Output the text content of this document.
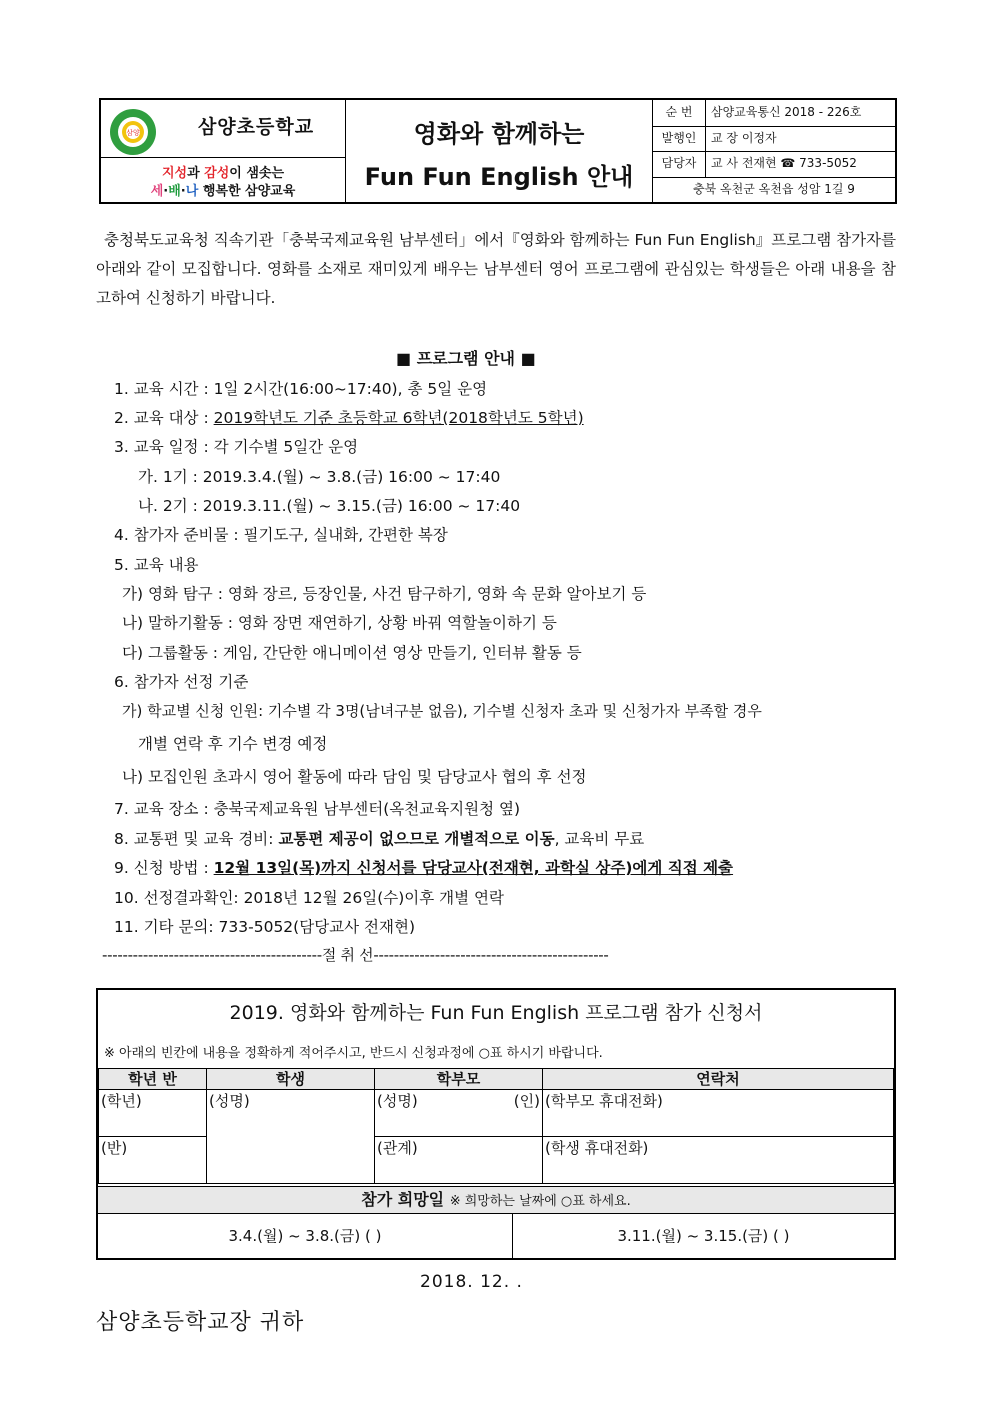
삼양	삼양초등학교
지성과 감성이 샘솟는
세·배·나 행복한 삼양교육
영화와 함께하는
Fun Fun English 안내
순 번	삼양교육통신 2018 - 226호
발행인	교 장 이정자
담당자	교 사 전재현 ☎ 733-5052
충북 옥천군 옥천읍 성암 1길 9
충청북도교육청 직속기관「충북국제교육원 남부센터」에서『영화와 함께하는 Fun Fun English』프로그램 참가자를 아래와 같이 모집합니다. 영화를 소재로 재미있게 배우는 남부센터 영어 프로그램에 관심있는 학생들은 아래 내용을 참고하여 신청하기 바랍니다.
■ 프로그램 안내 ■
1. 교육 시간 : 1일 2시간(16:00~17:40), 총 5일 운영
2. 교육 대상 : 2019학년도 기준 초등학교 6학년(2018학년도 5학년)
3. 교육 일정 : 각 기수별 5일간 운영
가. 1기 : 2019.3.4.(월) ~ 3.8.(금) 16:00 ~ 17:40
나. 2기 : 2019.3.11.(월) ~ 3.15.(금) 16:00 ~ 17:40
4. 참가자 준비물 : 필기도구, 실내화, 간편한 복장
5. 교육 내용
가) 영화 탐구 : 영화 장르, 등장인물, 사건 탐구하기, 영화 속 문화 알아보기 등
나) 말하기활동 : 영화 장면 재연하기, 상황 바꿔 역할놀이하기 등
다) 그룹활동 : 게임, 간단한 애니메이션 영상 만들기, 인터뷰 활동 등
6. 참가자 선정 기준
가) 학교별 신청 인원: 기수별 각 3명(남녀구분 없음), 기수별 신청자 초과 및 신청가자 부족할 경우
개별 연락 후 기수 변경 예정
나) 모집인원 초과시 영어 활동에 따라 담임 및 담당교사 협의 후 선정
7. 교육 장소 : 충북국제교육원 남부센터(옥천교육지원청 옆)
8. 교통편 및 교육 경비: 교통편 제공이 없으므로 개별적으로 이동, 교육비 무료
9. 신청 방법 : 12월 13일(목)까지 신청서를 담당교사(전재현, 과학실 상주)에게 직접 제출
10. 선정결과확인: 2018년 12월 26일(수)이후 개별 연락
11. 기타 문의: 733-5052(담당교사 전재현)
-------------------------------------------절 취 선----------------------------------------------
2019. 영화와 함께하는 Fun Fun English 프로그램 참가 신청서
※ 아래의 빈칸에 내용을 정확하게 적어주시고, 반드시 신청과정에 ○표 하시기 바랍니다.
학년 반	학생	학부모	연락처
(학년)	(성명)	(성명) (인)	(학부모 휴대전화)
(반)		(관계)	(학생 휴대전화)
참가 희망일 ※ 희망하는 날짜에 ○표 하세요.
3.4.(월) ~ 3.8.(금) ( )	3.11.(월) ~ 3.15.(금) ( )
2018. 12. .
삼양초등학교장 귀하
